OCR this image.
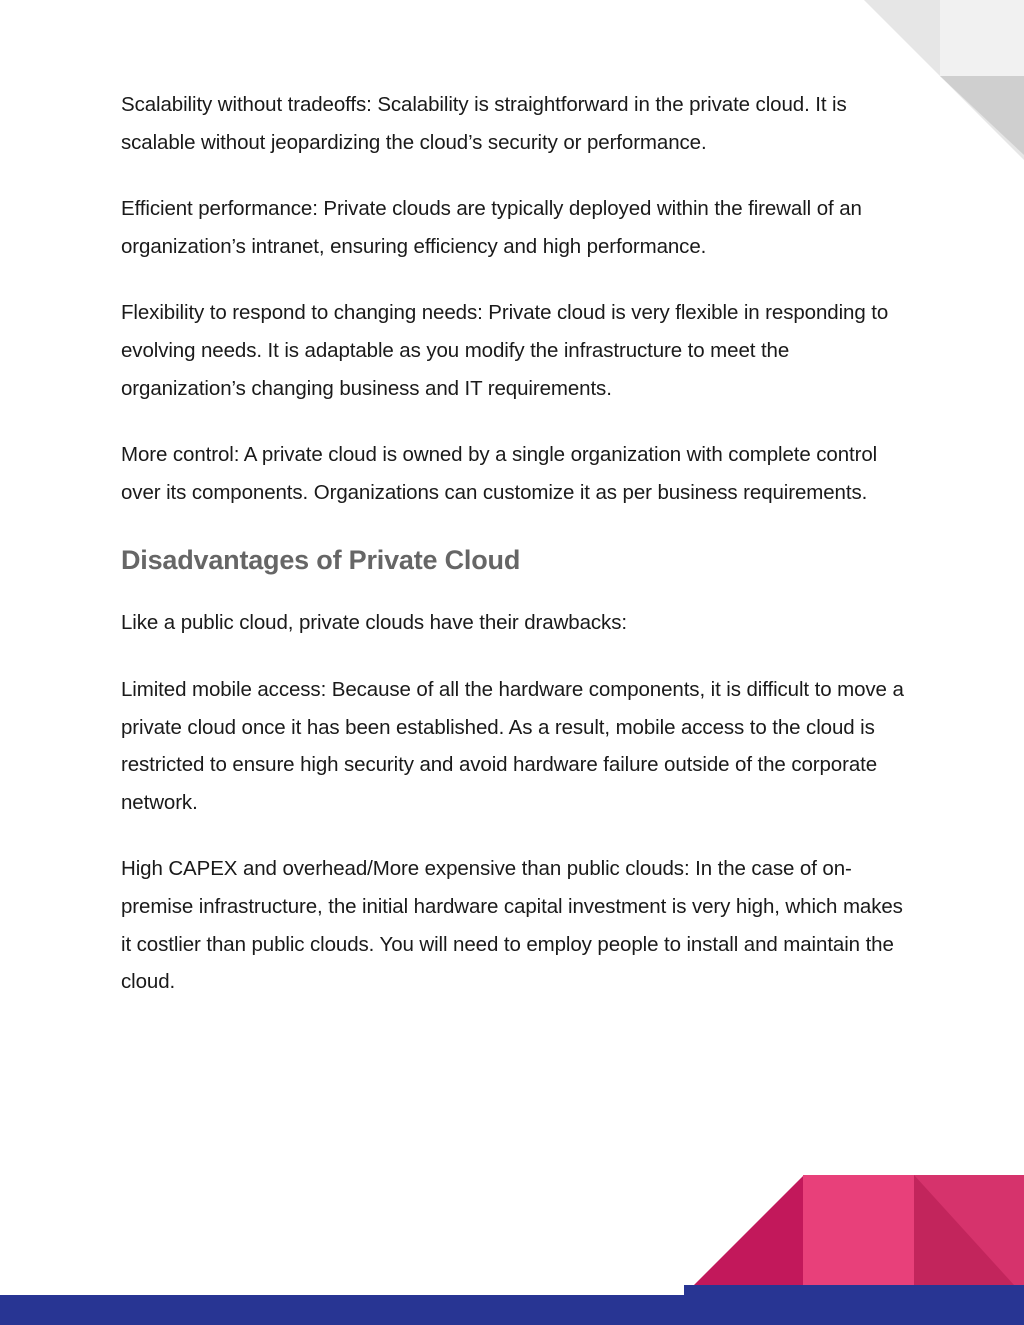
Scalability without tradeoffs: Scalability is straightforward in the private cloud. It is scalable without jeopardizing the cloud’s security or performance.

Efficient performance: Private clouds are typically deployed within the firewall of an organization’s intranet, ensuring efficiency and high performance.

Flexibility to respond to changing needs: Private cloud is very flexible in responding to evolving needs. It is adaptable as you modify the infrastructure to meet the organization’s changing business and IT requirements.

More control: A private cloud is owned by a single organization with complete control over its components. Organizations can customize it as per business requirements.

Disadvantages of Private Cloud

Like a public cloud, private clouds have their drawbacks:

Limited mobile access: Because of all the hardware components, it is difficult to move a private cloud once it has been established. As a result, mobile access to the cloud is restricted to ensure high security and avoid hardware failure outside of the corporate network.

High CAPEX and overhead/More expensive than public clouds: In the case of on-premise infrastructure, the initial hardware capital investment is very high, which makes it costlier than public clouds. You will need to employ people to install and maintain the cloud.
